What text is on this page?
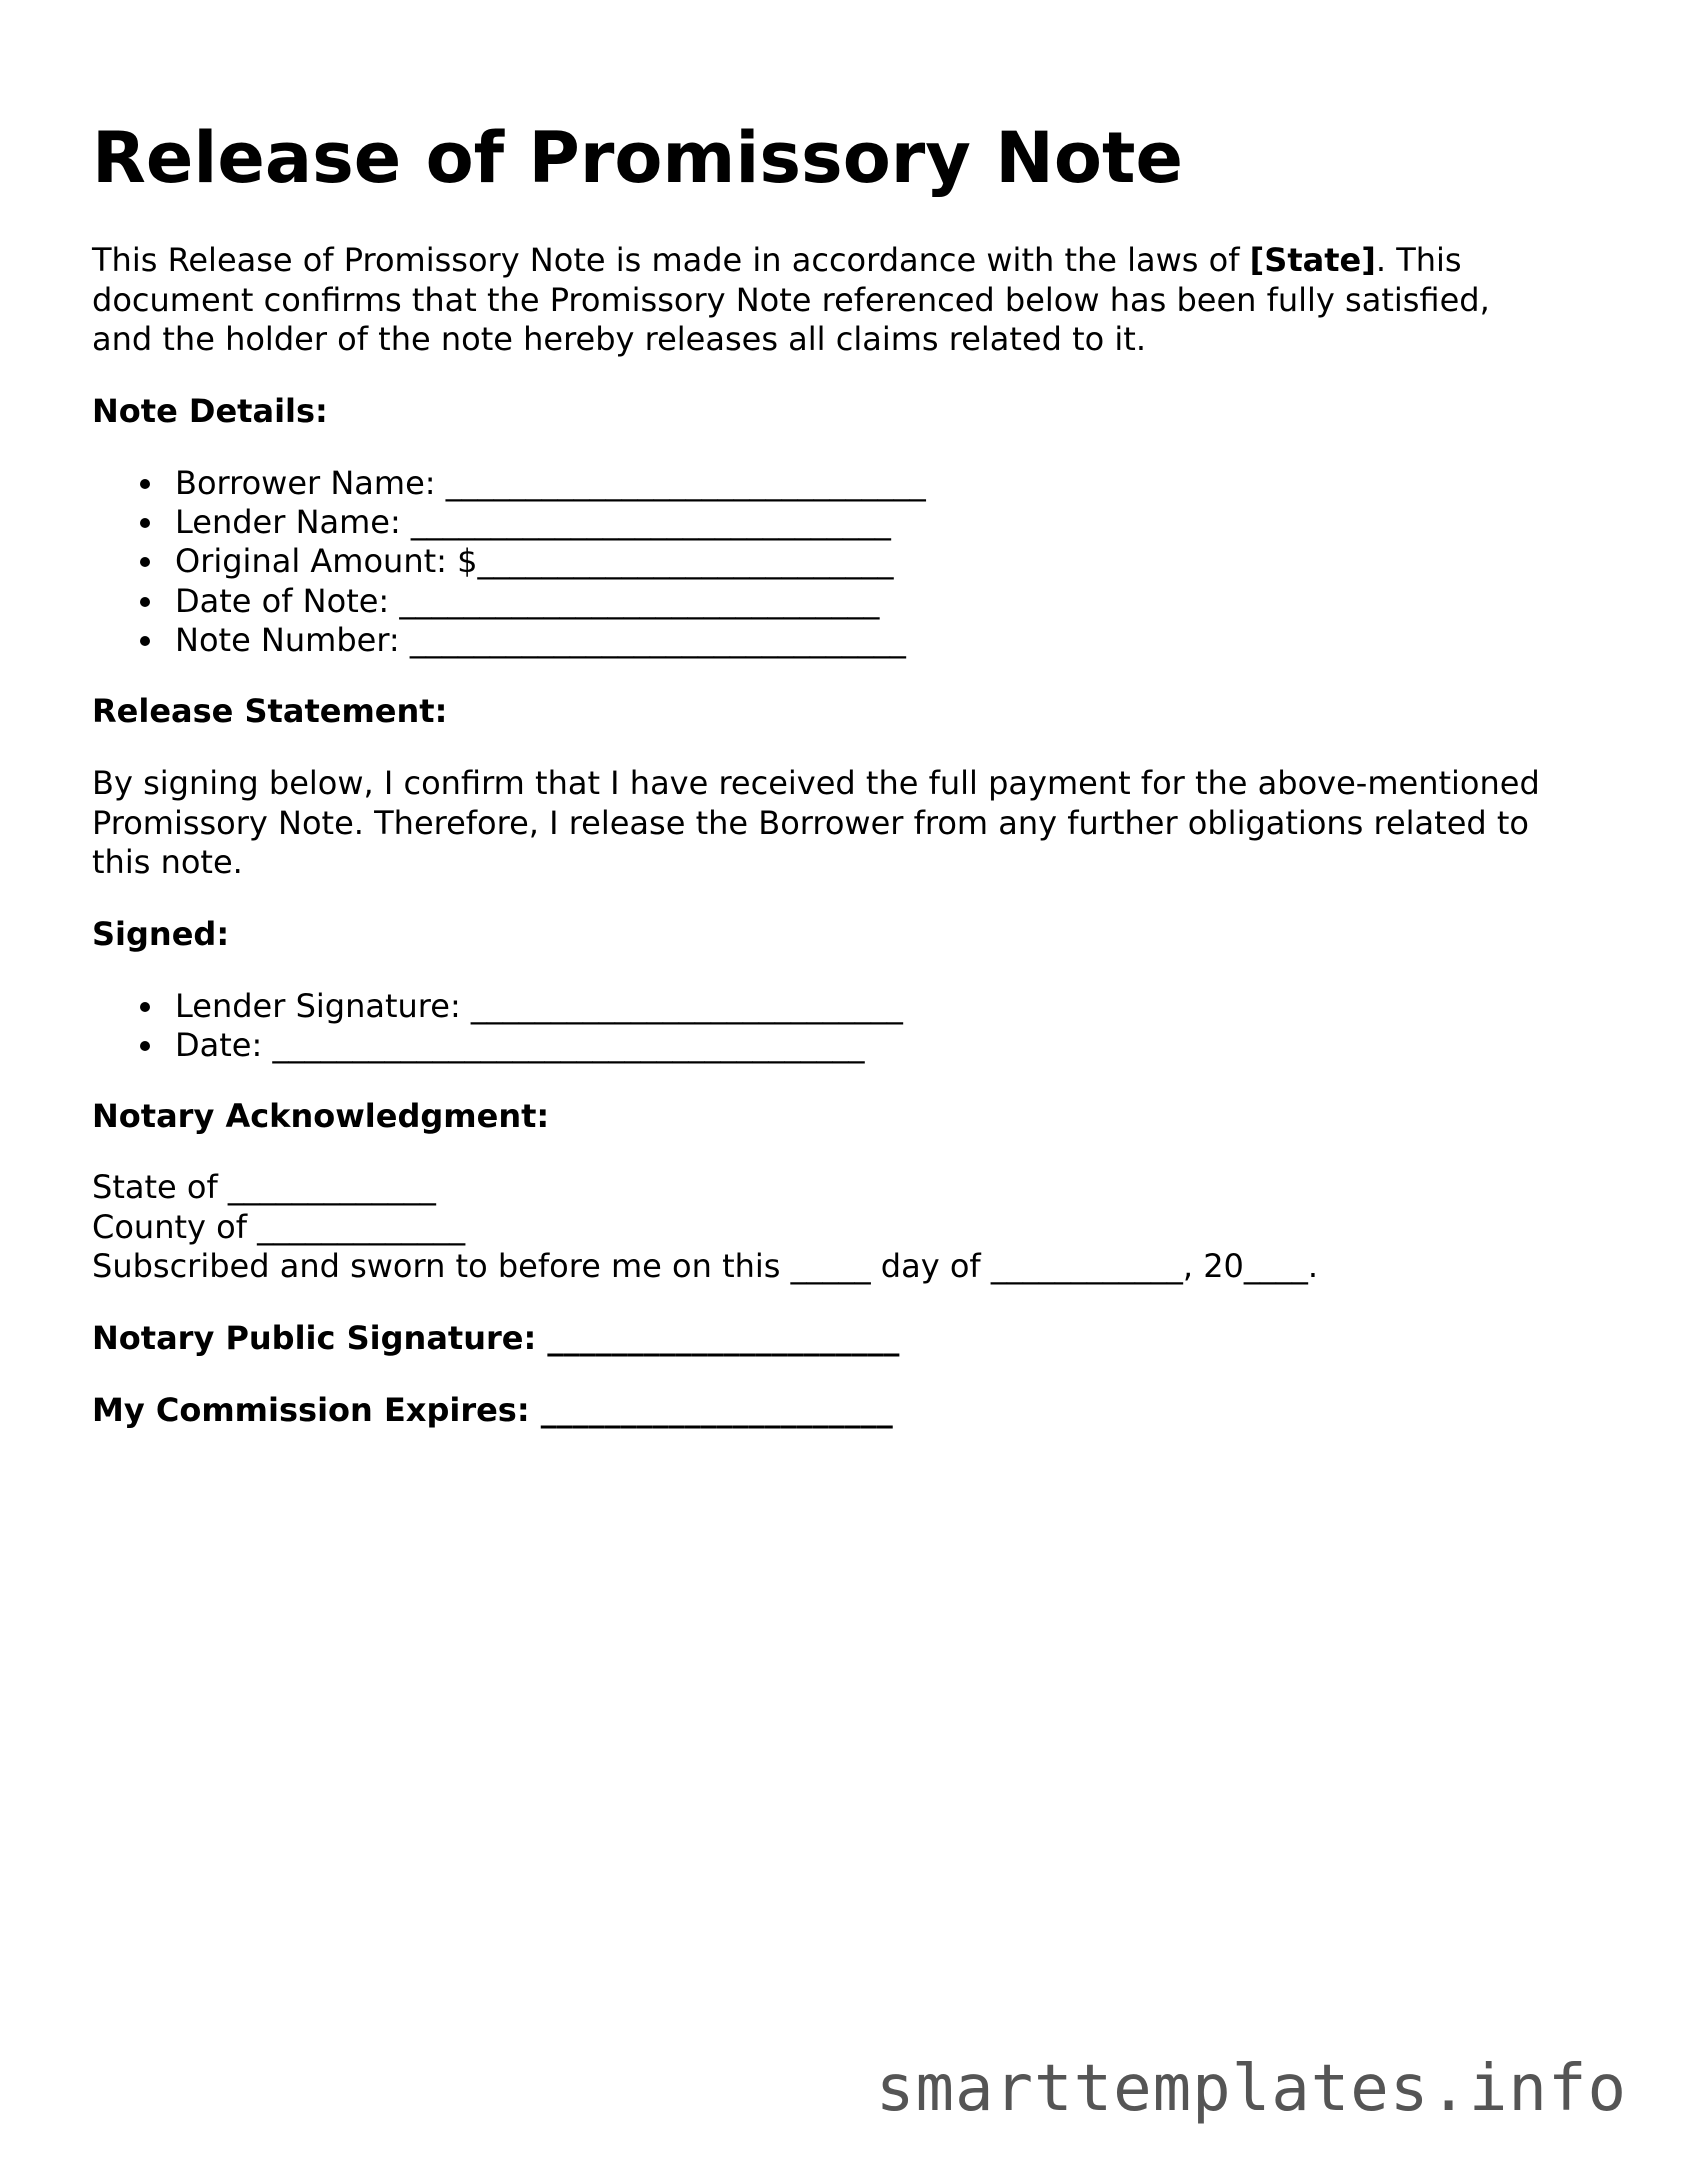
Release of Promissory Note
This Release of Promissory Note is made in accordance with the laws of [State]. This
document confirms that the Promissory Note referenced below has been fully satisfied,
and the holder of the note hereby releases all claims related to it.
Note Details:
Borrower Name: ______________________________
Lender Name: ______________________________
Original Amount: $__________________________
Date of Note: ______________________________
Note Number: _______________________________
Release Statement:
By signing below, I confirm that I have received the full payment for the above-mentioned
Promissory Note. Therefore, I release the Borrower from any further obligations related to
this note.
Signed:
Lender Signature: ___________________________
Date: _____________________________________
Notary Acknowledgment:
State of _____________
County of _____________
Subscribed and sworn to before me on this _____ day of ____________, 20____.
Notary Public Signature: ______________________
My Commission Expires: ______________________
smarttemplates.info
